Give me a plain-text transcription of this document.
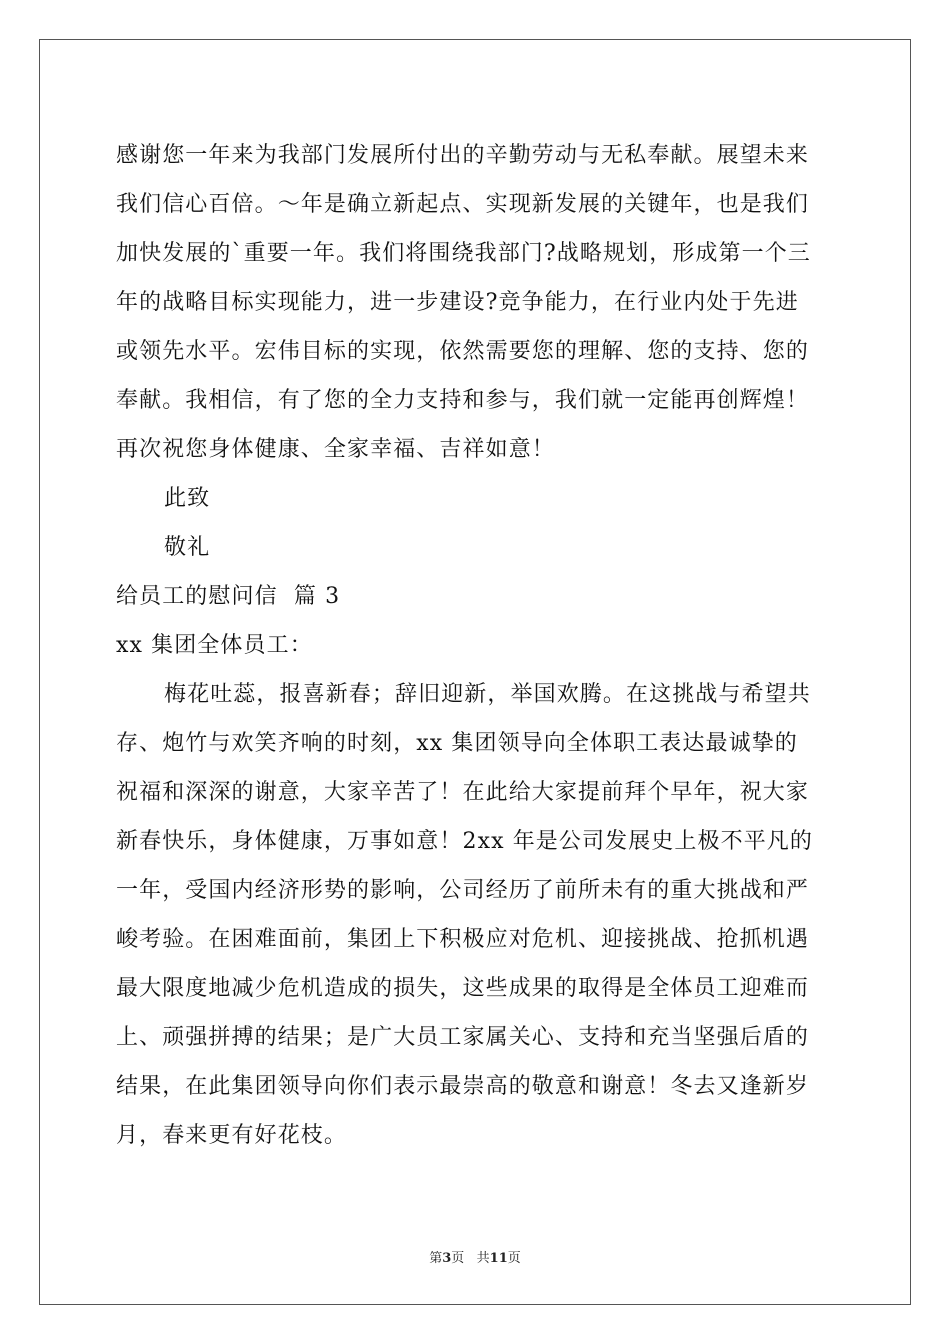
感谢您一年来为我部门发展所付出的辛勤劳动与无私奉献。展望未来
我们信心百倍。～年是确立新起点、实现新发展的关键年，也是我们
加快发展的`重要一年。我们将围绕我部门?战略规划，形成第一个三
年的战略目标实现能力，进一步建设?竞争能力，在行业内处于先进
或领先水平。宏伟目标的实现，依然需要您的理解、您的支持、您的
奉献。我相信，有了您的全力支持和参与，我们就一定能再创辉煌！
再次祝您身体健康、全家幸福、吉祥如意！
此致
敬礼
给员工的慰问信  篇 3
xx 集团全体员工：
梅花吐蕊，报喜新春；辞旧迎新，举国欢腾。在这挑战与希望共
存、炮竹与欢笑齐响的时刻，xx 集团领导向全体职工表达最诚挚的
祝福和深深的谢意，大家辛苦了！在此给大家提前拜个早年，祝大家
新春快乐，身体健康，万事如意！2xx 年是公司发展史上极不平凡的
一年，受国内经济形势的影响，公司经历了前所未有的重大挑战和严
峻考验。在困难面前，集团上下积极应对危机、迎接挑战、抢抓机遇
最大限度地减少危机造成的损失，这些成果的取得是全体员工迎难而
上、顽强拼搏的结果；是广大员工家属关心、支持和充当坚强后盾的
结果，在此集团领导向你们表示最崇高的敬意和谢意！冬去又逢新岁
月，春来更有好花枝。
第3页   共11页
